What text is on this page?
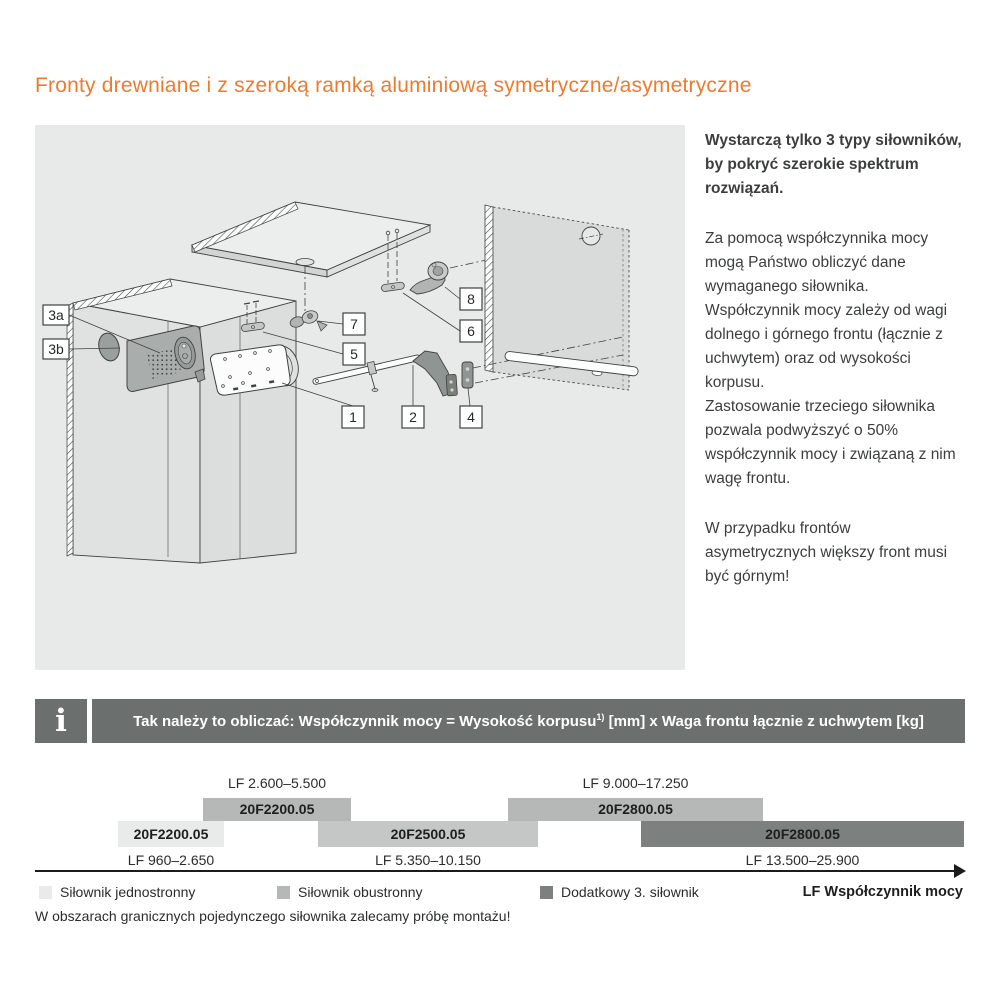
Fronty drewniane i z szeroką ramką aluminiową symetryczne/asymetryczne
3a
3b
7
5
8
6
1	2	4

Wystarczą tylko 3 typy siłowników, by pokryć szerokie spektrum rozwiązań.

Za pomocą współczynnika mocy mogą Państwo obliczyć dane wymaganego siłownika. Współczynnik mocy zależy od wagi dolnego i górnego frontu (łącznie z uchwytem) oraz od wysokości korpusu.

Zastosowanie trzeciego siłownika pozwala podwyższyć o 50% współczynnik mocy i związaną z nim wagę frontu.

W przypadku frontów asymetrycznych większy front musi być górnym!

i	Tak należy to obliczać: Współczynnik mocy = Wysokość korpusu$^{1)}$ [mm] x Waga frontu łącznie z uchwytem [kg]
LF 2.600–5.500	LF 9.000–17.250
20F2200.05	20F2800.05
20F2200.05	20F2500.05	20F2800.05
LF 960–2.650	LF 5.350–10.150	LF 13.500–25.900
Siłownik jednostronny	Siłownik obustronny	Dodatkowy 3. siłownik	LF Współczynnik mocy
W obszarach granicznych pojedynczego siłownika zalecamy próbę montażu!
